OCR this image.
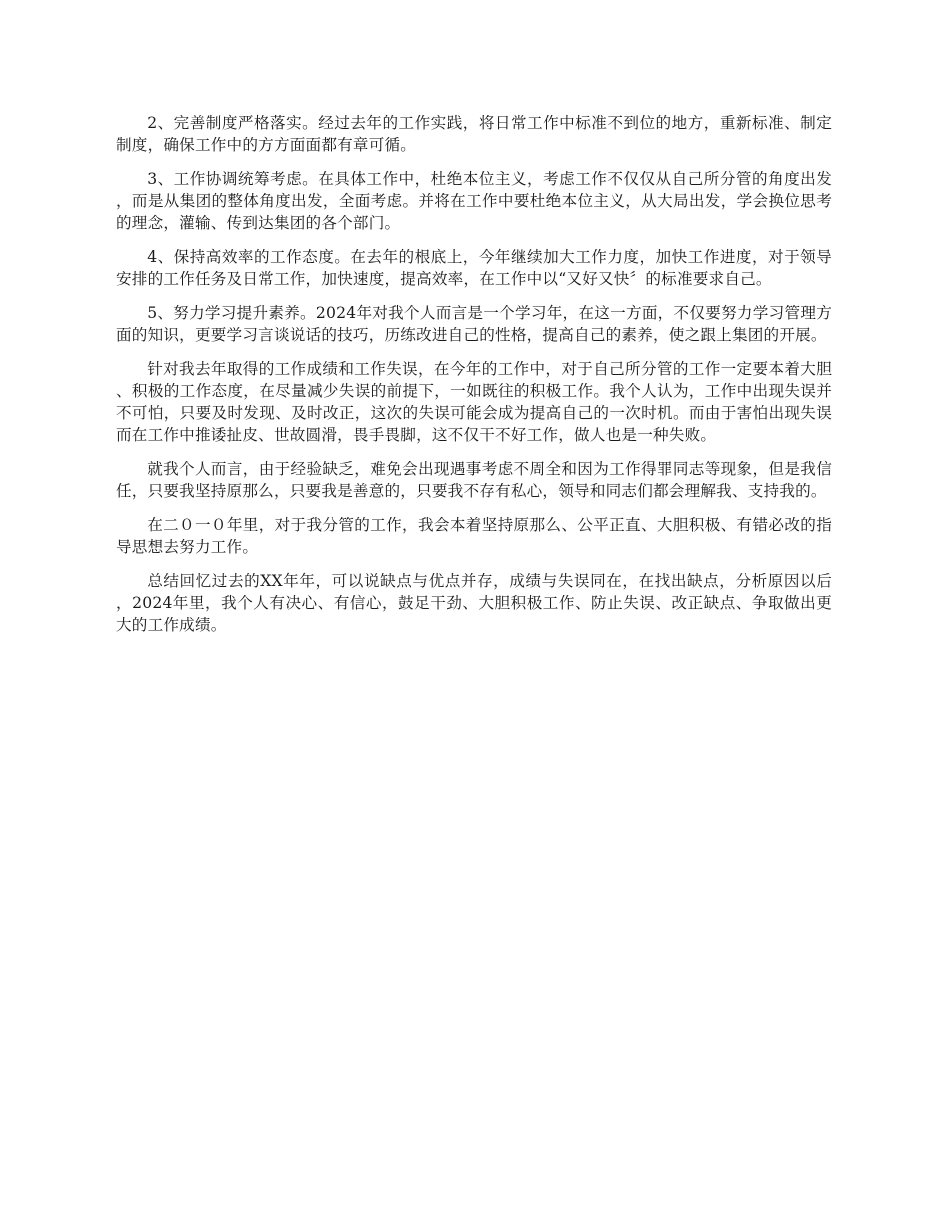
2、完善制度严格落实。经过去年的工作实践，将日常工作中标准不到位的地方，重新标准、制定制度，确保工作中的方方面面都有章可循。

3、工作协调统筹考虑。在具体工作中，杜绝本位主义，考虑工作不仅仅从自己所分管的角度出发，而是从集团的整体角度出发，全面考虑。并将在工作中要杜绝本位主义，从大局出发，学会换位思考的理念，灌输、传到达集团的各个部门。

4、保持高效率的工作态度。在去年的根底上，今年继续加大工作力度，加快工作进度，对于领导安排的工作任务及日常工作，加快速度，提高效率，在工作中以“又好又快〞的标准要求自己。

5、努力学习提升素养。2024年对我个人而言是一个学习年，在这一方面，不仅要努力学习管理方面的知识，更要学习言谈说话的技巧，历练改进自己的性格，提高自己的素养，使之跟上集团的开展。

针对我去年取得的工作成绩和工作失误，在今年的工作中，对于自己所分管的工作一定要本着大胆、积极的工作态度，在尽量减少失误的前提下，一如既往的积极工作。我个人认为，工作中出现失误并不可怕，只要及时发现、及时改正，这次的失误可能会成为提高自己的一次时机。而由于害怕出现失误而在工作中推诿扯皮、世故圆滑，畏手畏脚，这不仅干不好工作，做人也是一种失败。

就我个人而言，由于经验缺乏，难免会出现遇事考虑不周全和因为工作得罪同志等现象，但是我信任，只要我坚持原那么，只要我是善意的，只要我不存有私心，领导和同志们都会理解我、支持我的。

在二０一０年里，对于我分管的工作，我会本着坚持原那么、公平正直、大胆积极、有错必改的指导思想去努力工作。

总结回忆过去的XX年年，可以说缺点与优点并存，成绩与失误同在，在找出缺点，分析原因以后，2024年里，我个人有决心、有信心，鼓足干劲、大胆积极工作、防止失误、改正缺点、争取做出更大的工作成绩。
